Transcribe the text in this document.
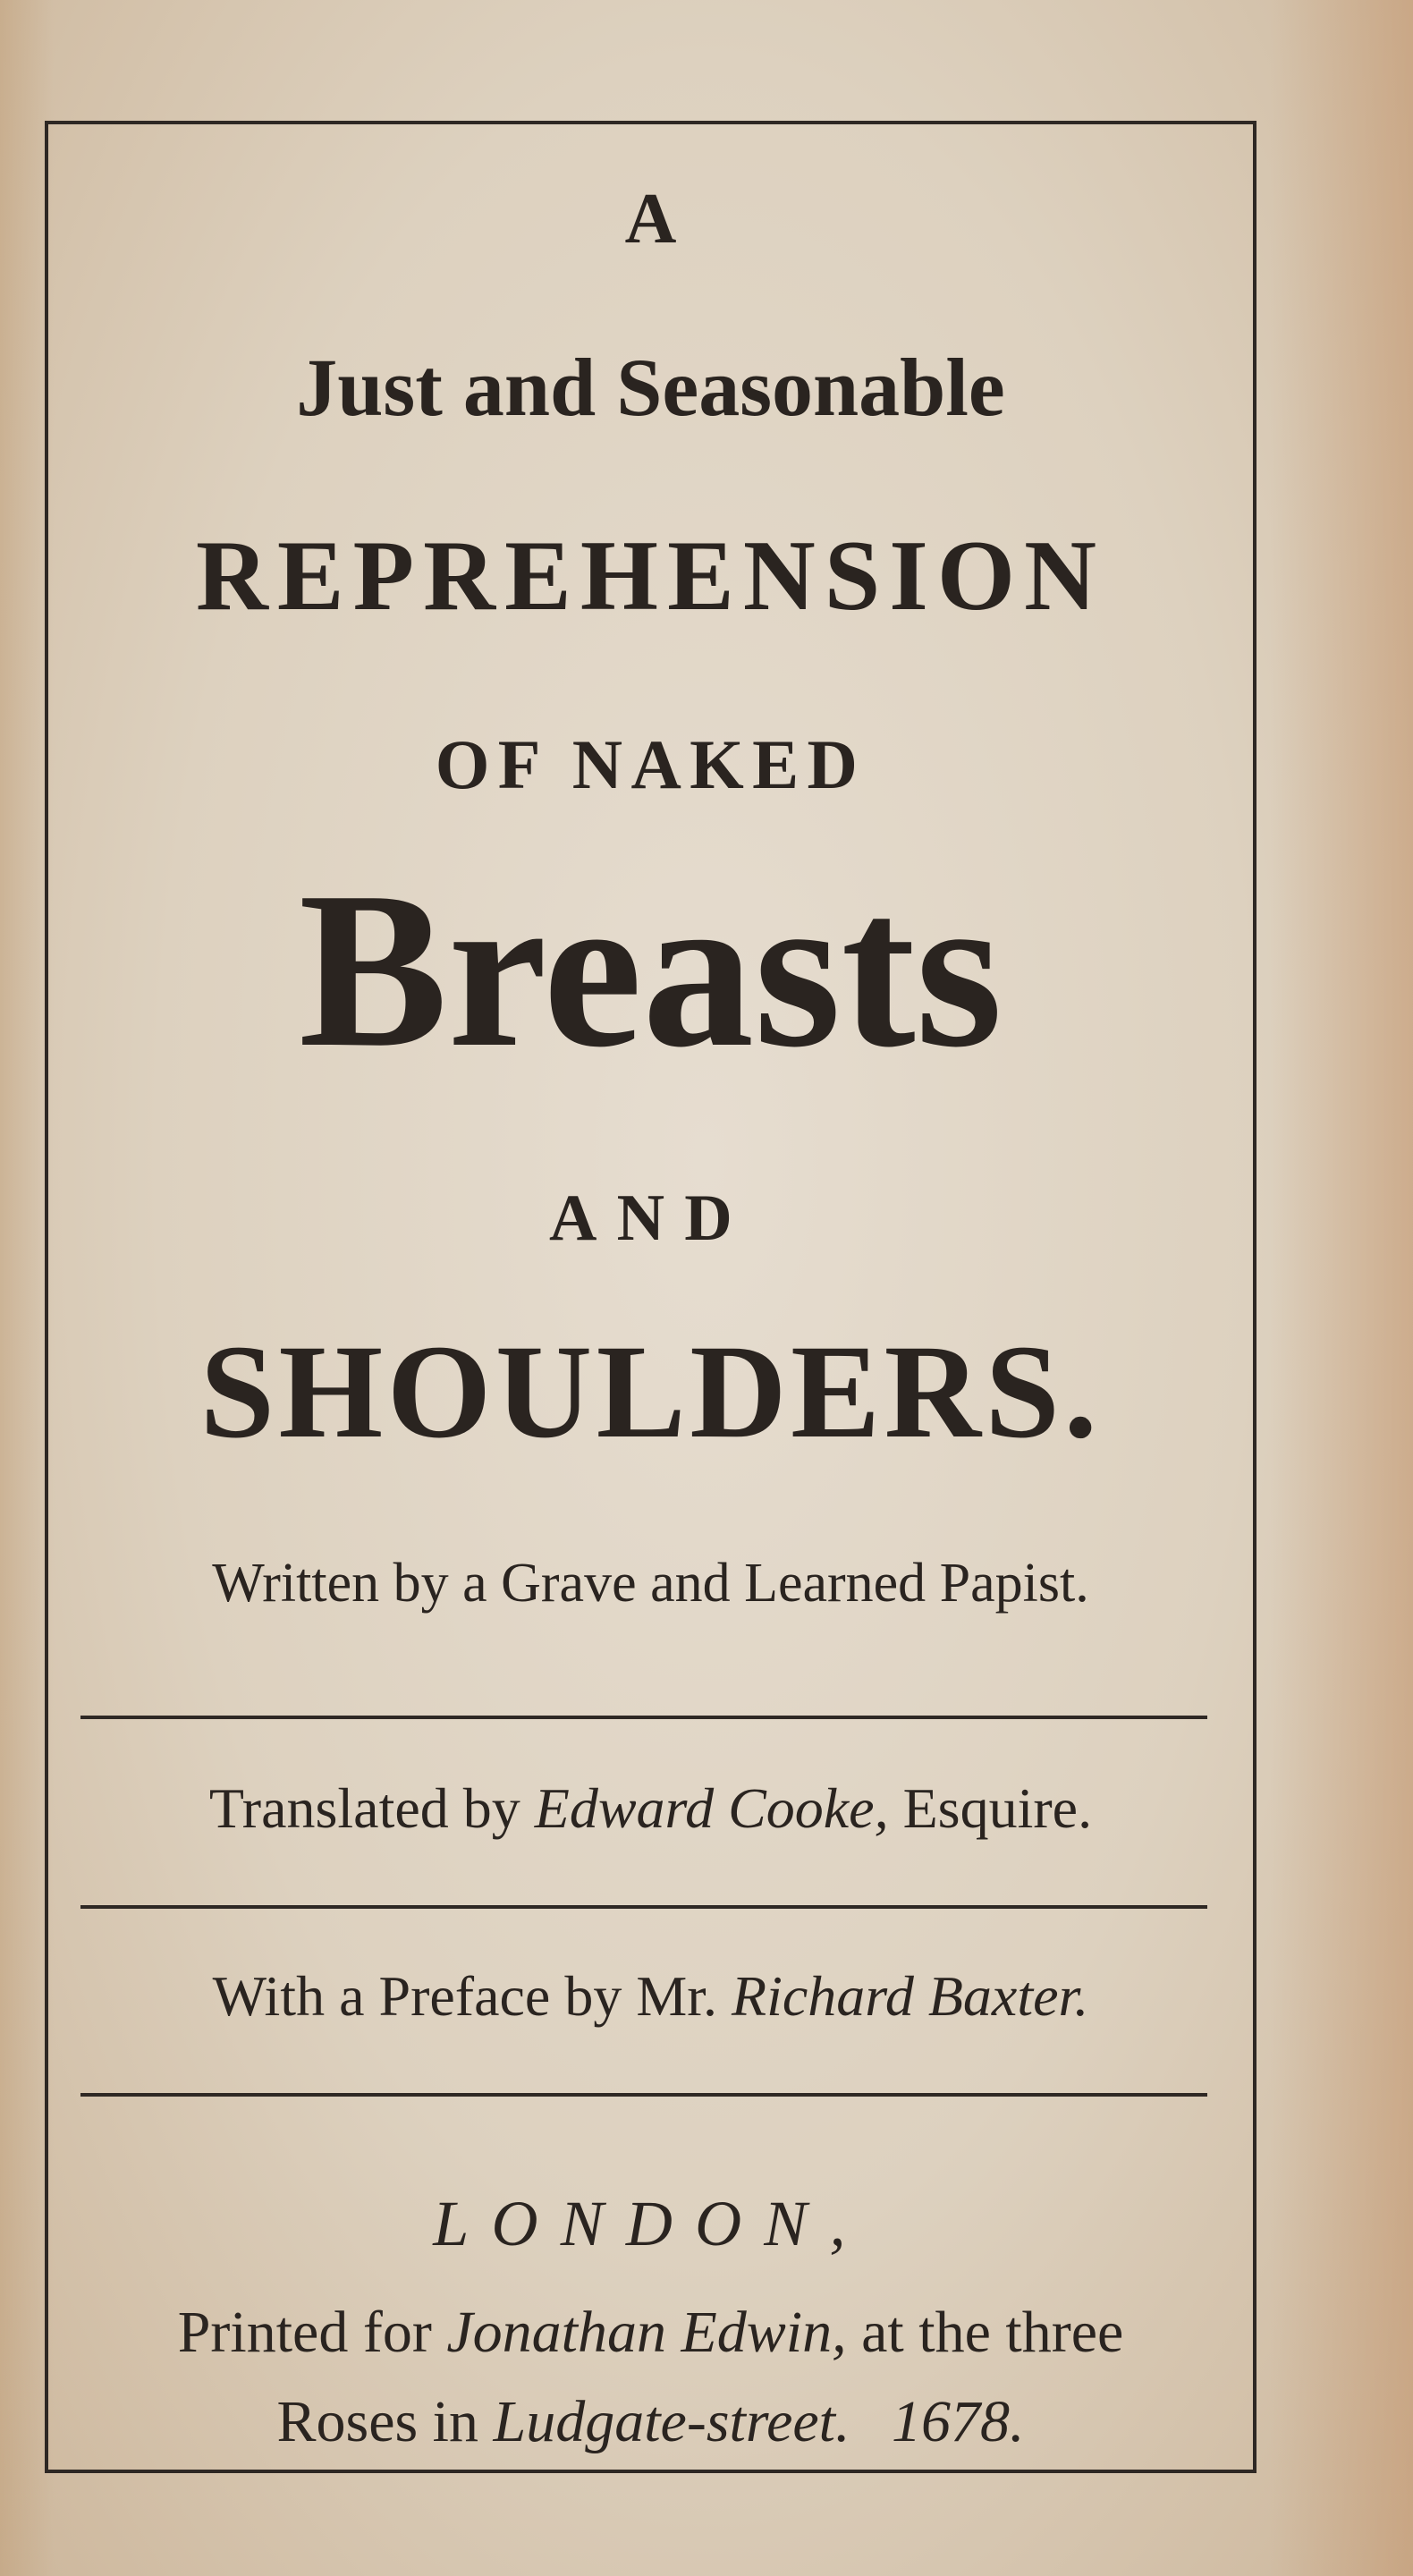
A
Just and Seasonable
REPREHENSION
OF NAKED
Breasts
AND
SHOULDERS.
Written by a Grave and Learned Papist.
Translated by Edward Cooke, Esquire.
With a Preface by Mr. Richard Baxter.
LONDON,
Printed for Jonathan Edwin, at the three
Roses in Ludgate-street. 1678.
